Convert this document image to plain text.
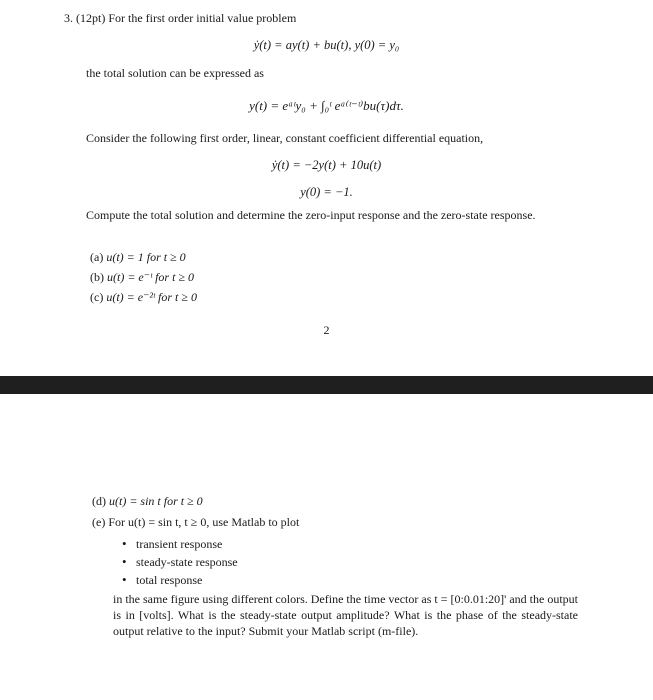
3. (12pt) For the first order initial value problem
ẏ(t) = ay(t) + bu(t), y(0) = y₀
the total solution can be expressed as
y(t) = eᵃᵗy₀ + ∫₀ᵗ eᵃ⁽ᵗ⁻ᵗ⁾bu(τ)dτ.
Consider the following first order, linear, constant coefficient differential equation,
ẏ(t) = −2y(t) + 10u(t)
y(0) = −1.
Compute the total solution and determine the zero-input response and the zero-state response.
(a) u(t) = 1 for t ≥ 0
(b) u(t) = e⁻ᵗ for t ≥ 0
(c) u(t) = e⁻²ᵗ for t ≥ 0
2
(d) u(t) = sin t for t ≥ 0
(e) For u(t) = sin t, t ≥ 0, use Matlab to plot
• transient response
• steady-state response
• total response
in the same figure using different colors. Define the time vector as t = [0:0.01:20]' and the output is in [volts]. What is the steady-state output amplitude? What is the phase of the steady-state output relative to the input? Submit your Matlab script (m-file).
